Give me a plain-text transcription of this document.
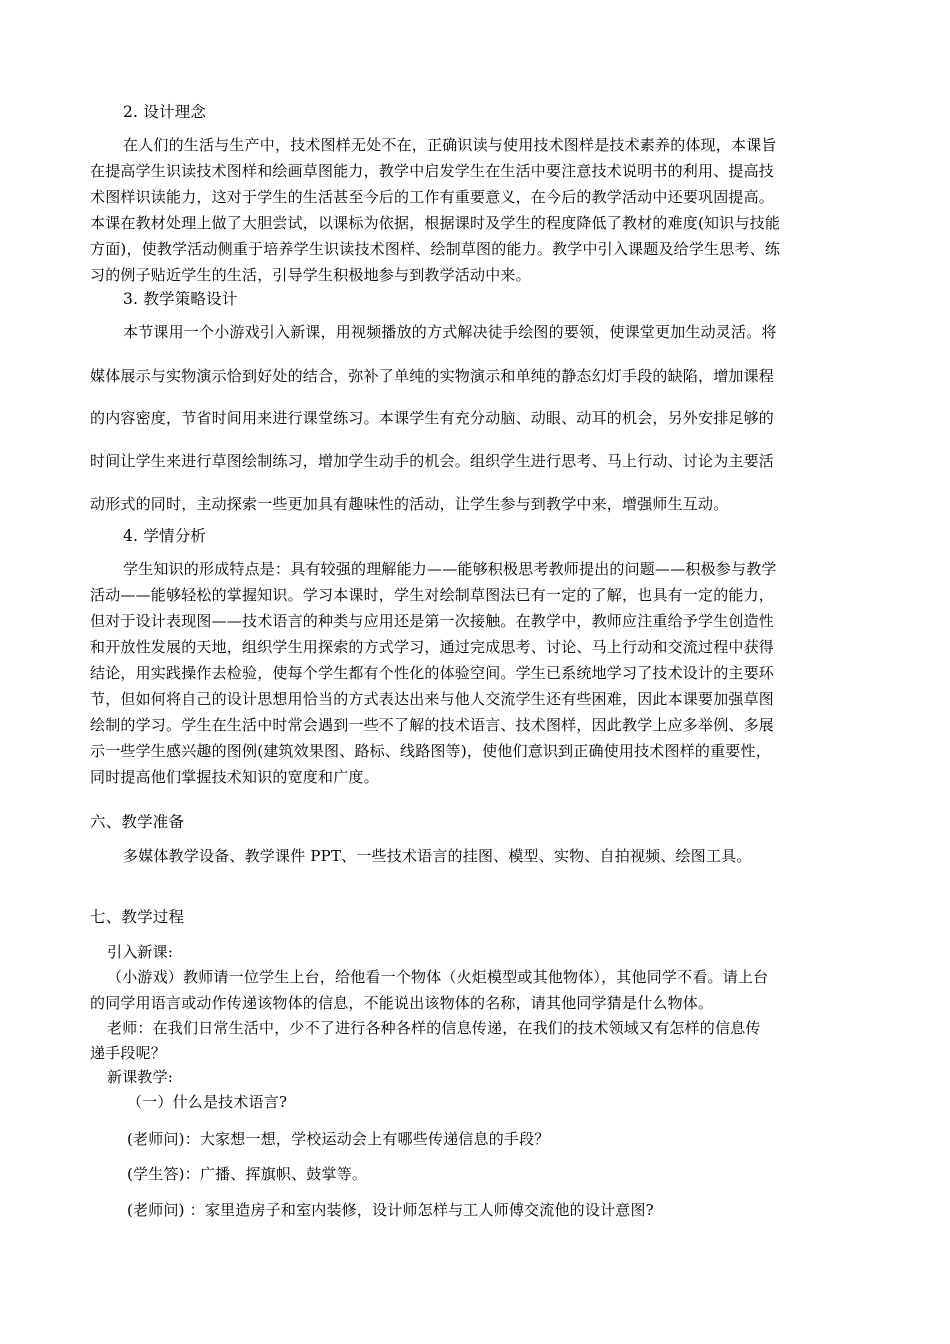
2. 设计理念
在人们的生活与生产中，技术图样无处不在，正确识读与使用技术图样是技术素养的体现，本课旨
在提高学生识读技术图样和绘画草图能力，教学中启发学生在生活中要注意技术说明书的利用、提高技
术图样识读能力，这对于学生的生活甚至今后的工作有重要意义，在今后的教学活动中还要巩固提高。
本课在教材处理上做了大胆尝试，以课标为依据，根据课时及学生的程度降低了教材的难度(知识与技能
方面)，使教学活动侧重于培养学生识读技术图样、绘制草图的能力。教学中引入课题及给学生思考、练
习的例子贴近学生的生活，引导学生积极地参与到教学活动中来。
3. 教学策略设计
本节课用一个小游戏引入新课，用视频播放的方式解决徒手绘图的要领，使课堂更加生动灵活。将
媒体展示与实物演示恰到好处的结合，弥补了单纯的实物演示和单纯的静态幻灯手段的缺陷，增加课程
的内容密度，节省时间用来进行课堂练习。本课学生有充分动脑、动眼、动耳的机会，另外安排足够的
时间让学生来进行草图绘制练习，增加学生动手的机会。组织学生进行思考、马上行动、讨论为主要活
动形式的同时，主动探索一些更加具有趣味性的活动，让学生参与到教学中来，增强师生互动。
4. 学情分析
学生知识的形成特点是：具有较强的理解能力——能够积极思考教师提出的问题——积极参与教学
活动——能够轻松的掌握知识。学习本课时，学生对绘制草图法已有一定的了解，也具有一定的能力，
但对于设计表现图——技术语言的种类与应用还是第一次接触。在教学中，教师应注重给予学生创造性
和开放性发展的天地，组织学生用探索的方式学习，通过完成思考、讨论、马上行动和交流过程中获得
结论，用实践操作去检验，使每个学生都有个性化的体验空间。学生已系统地学习了技术设计的主要环
节，但如何将自己的设计思想用恰当的方式表达出来与他人交流学生还有些困难，因此本课要加强草图
绘制的学习。学生在生活中时常会遇到一些不了解的技术语言、技术图样，因此教学上应多举例、多展
示一些学生感兴趣的图例(建筑效果图、路标、线路图等)，使他们意识到正确使用技术图样的重要性，
同时提高他们掌握技术知识的宽度和广度。
六、教学准备
多媒体教学设备、教学课件 PPT、一些技术语言的挂图、模型、实物、自拍视频、绘图工具。
七、教学过程
引入新课:
（小游戏）教师请一位学生上台，给他看一个物体（火炬模型或其他物体），其他同学不看。请上台
的同学用语言或动作传递该物体的信息，不能说出该物体的名称，请其他同学猜是什么物体。
老师：在我们日常生活中，少不了进行各种各样的信息传递，在我们的技术领域又有怎样的信息传
递手段呢？
新课教学:
（一）什么是技术语言?
(老师问)：大家想一想，学校运动会上有哪些传递信息的手段？
(学生答)：广播、挥旗帜、鼓掌等。
(老师问) ：家里造房子和室内装修，设计师怎样与工人师傅交流他的设计意图?
